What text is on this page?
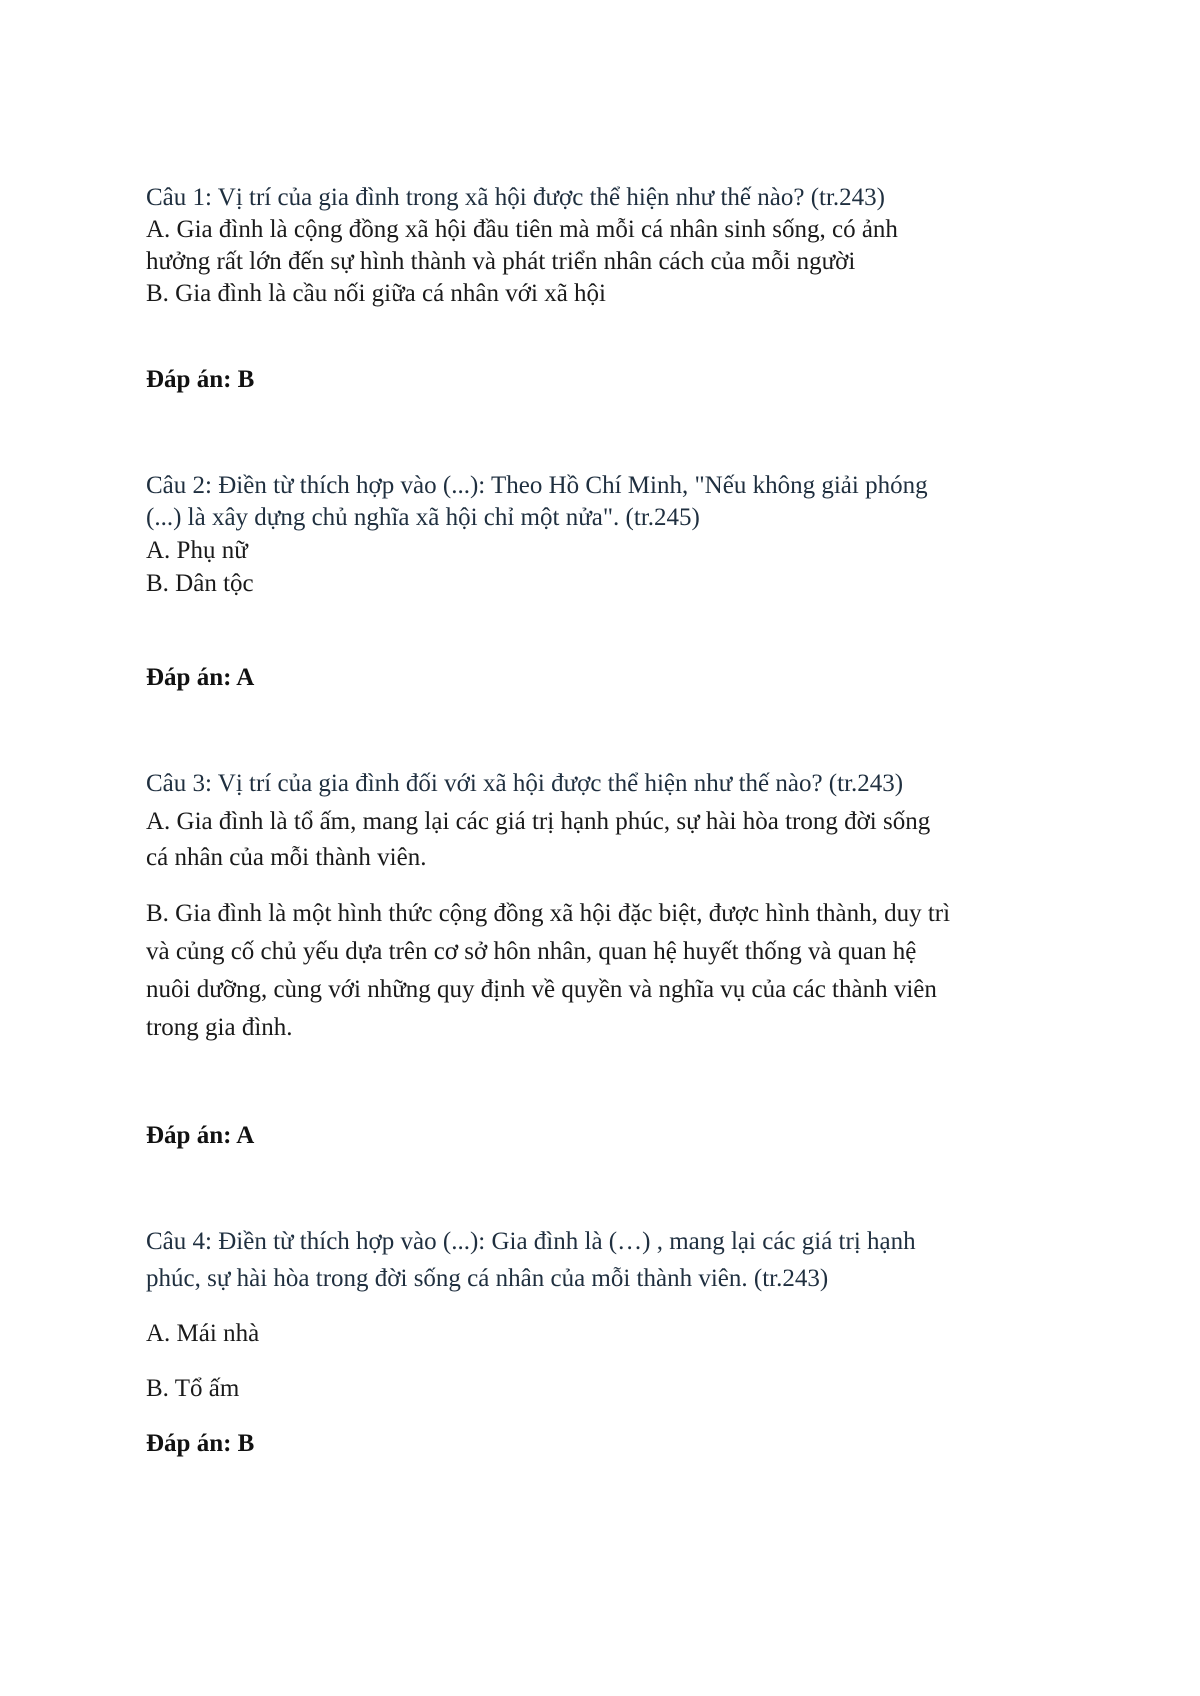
Câu 1: Vị trí của gia đình trong xã hội được thể hiện như thế nào? (tr.243)
A. Gia đình là cộng đồng xã hội đầu tiên mà mỗi cá nhân sinh sống, có ảnh
hưởng rất lớn đến sự hình thành và phát triển nhân cách của mỗi người
B. Gia đình là cầu nối giữa cá nhân với xã hội
Đáp án: B
Câu 2: Điền từ thích hợp vào (...): Theo Hồ Chí Minh, "Nếu không giải phóng
(...) là xây dựng chủ nghĩa xã hội chỉ một nửa". (tr.245)
A. Phụ nữ
B. Dân tộc
Đáp án: A
Câu 3: Vị trí của gia đình đối với xã hội được thể hiện như thế nào? (tr.243)
A. Gia đình là tổ ấm, mang lại các giá trị hạnh phúc, sự hài hòa trong đời sống
cá nhân của mỗi thành viên.
B. Gia đình là một hình thức cộng đồng xã hội đặc biệt, được hình thành, duy trì
và củng cố chủ yếu dựa trên cơ sở hôn nhân, quan hệ huyết thống và quan hệ
nuôi dưỡng, cùng với những quy định về quyền và nghĩa vụ của các thành viên
trong gia đình.
Đáp án: A
Câu 4: Điền từ thích hợp vào (...): Gia đình là (…) , mang lại các giá trị hạnh
phúc, sự hài hòa trong đời sống cá nhân của mỗi thành viên. (tr.243)
A. Mái nhà
B. Tổ ấm
Đáp án: B
